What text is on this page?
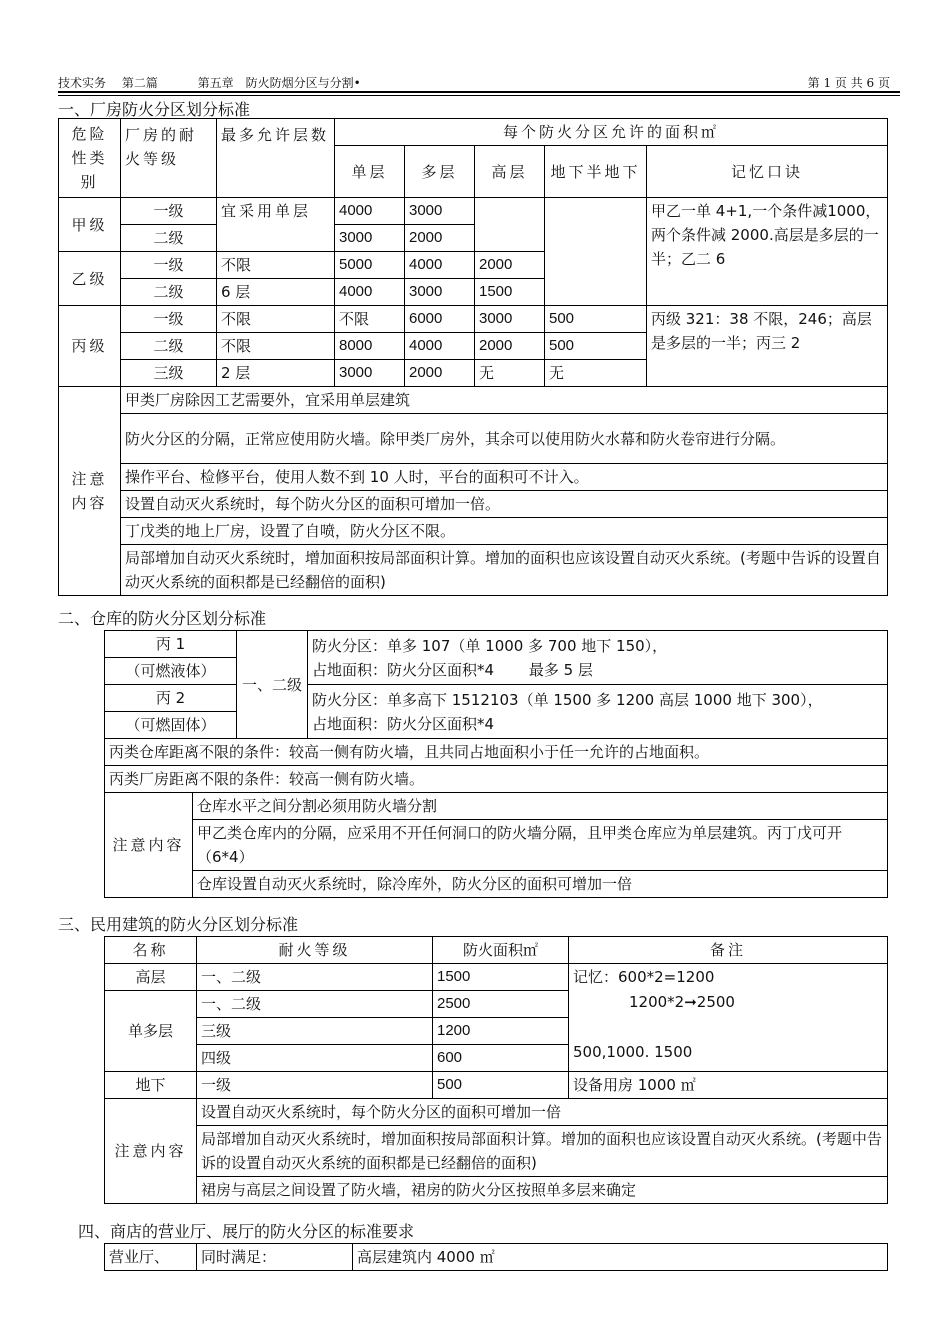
技术实务　 第二篇　　　 第五章　防火防烟分区与分割•	第 1 页 共 6 页
一、厂房防火分区划分标准
危险性类别	厂房的耐火等级	最多允许层数	每个防火分区允许的面积㎡				
			单层	多层	高层	地下半地下	记忆口诀

甲级	一级	宜采用单层	4000	3000			甲乙一单 4+1,一个条件减1000，两个条件减 2000.高层是多层的一半；乙二 6
	二级		3000	2000			
乙级	一级	不限	5000	4000	2000		
	二级	6 层	4000	3000	1500		
丙级	一级	不限	不限	6000	3000	500	丙级 321：38 不限，246；高层是多层的一半；丙三 2
	二级	不限	8000	4000	2000	500	
	三级	2 层	3000	2000	无	无	
注意内容	甲类厂房除因工艺需要外，宜采用单层建筑						
	防火分区的分隔，正常应使用防火墙。除甲类厂房外，其余可以使用防火水幕和防火卷帘进行分隔。						
	操作平台、检修平台，使用人数不到 10 人时，平台的面积可不计入。						
	设置自动灭火系统时，每个防火分区的面积可增加一倍。						
	丁戊类的地上厂房，设置了自喷，防火分区不限。						
	局部增加自动灭火系统时，增加面积按局部面积计算。增加的面积也应该设置自动灭火系统。(考题中告诉的设置自动灭火系统的面积都是已经翻倍的面积)						
二、仓库的防火分区划分标准
丙 1		一、二级	防火分区：单多 107（单 1000 多 700 地下 150），
占地面积：防火分区面积*4　　 最多 5 层

（可燃液体）			
丙 2			防火分区：单多高下 1512103（单 1500 多 1200 高层 1000 地下 300），
占地面积：防火分区面积*4

（可燃固体）			
丙类仓库距离不限的条件：较高一侧有防火墙，且共同占地面积小于任一允许的占地面积。			
丙类厂房距离不限的条件：较高一侧有防火墙。			
注意内容	仓库水平之间分割必须用防火墙分割		
	甲乙类仓库内的分隔，应采用不开任何洞口的防火墙分隔，且甲类仓库应为单层建筑。丙丁戊可开（6*4）		
	仓库设置自动灭火系统时，除冷库外，防火分区的面积可增加一倍		
三、民用建筑的防火分区划分标准
名称	耐火等级	防火面积㎡	备注
高层	一、二级	1500	记忆：600*2=1200
1200*2➞2500
500,1000. 1500

单多层	一、二级	2500	
	三级	1200	
	四级	600	
地下	一级	500	设备用房 1000 ㎡
注意内容	设置自动灭火系统时，每个防火分区的面积可增加一倍		
	局部增加自动灭火系统时，增加面积按局部面积计算。增加的面积也应该设置自动灭火系统。(考题中告诉的设置自动灭火系统的面积都是已经翻倍的面积)		
	裙房与高层之间设置了防火墙，裙房的防火分区按照单多层来确定		
四、商店的营业厅、展厅的防火分区的标准要求
营业厅、	同时满足：	高层建筑内 4000 ㎡
